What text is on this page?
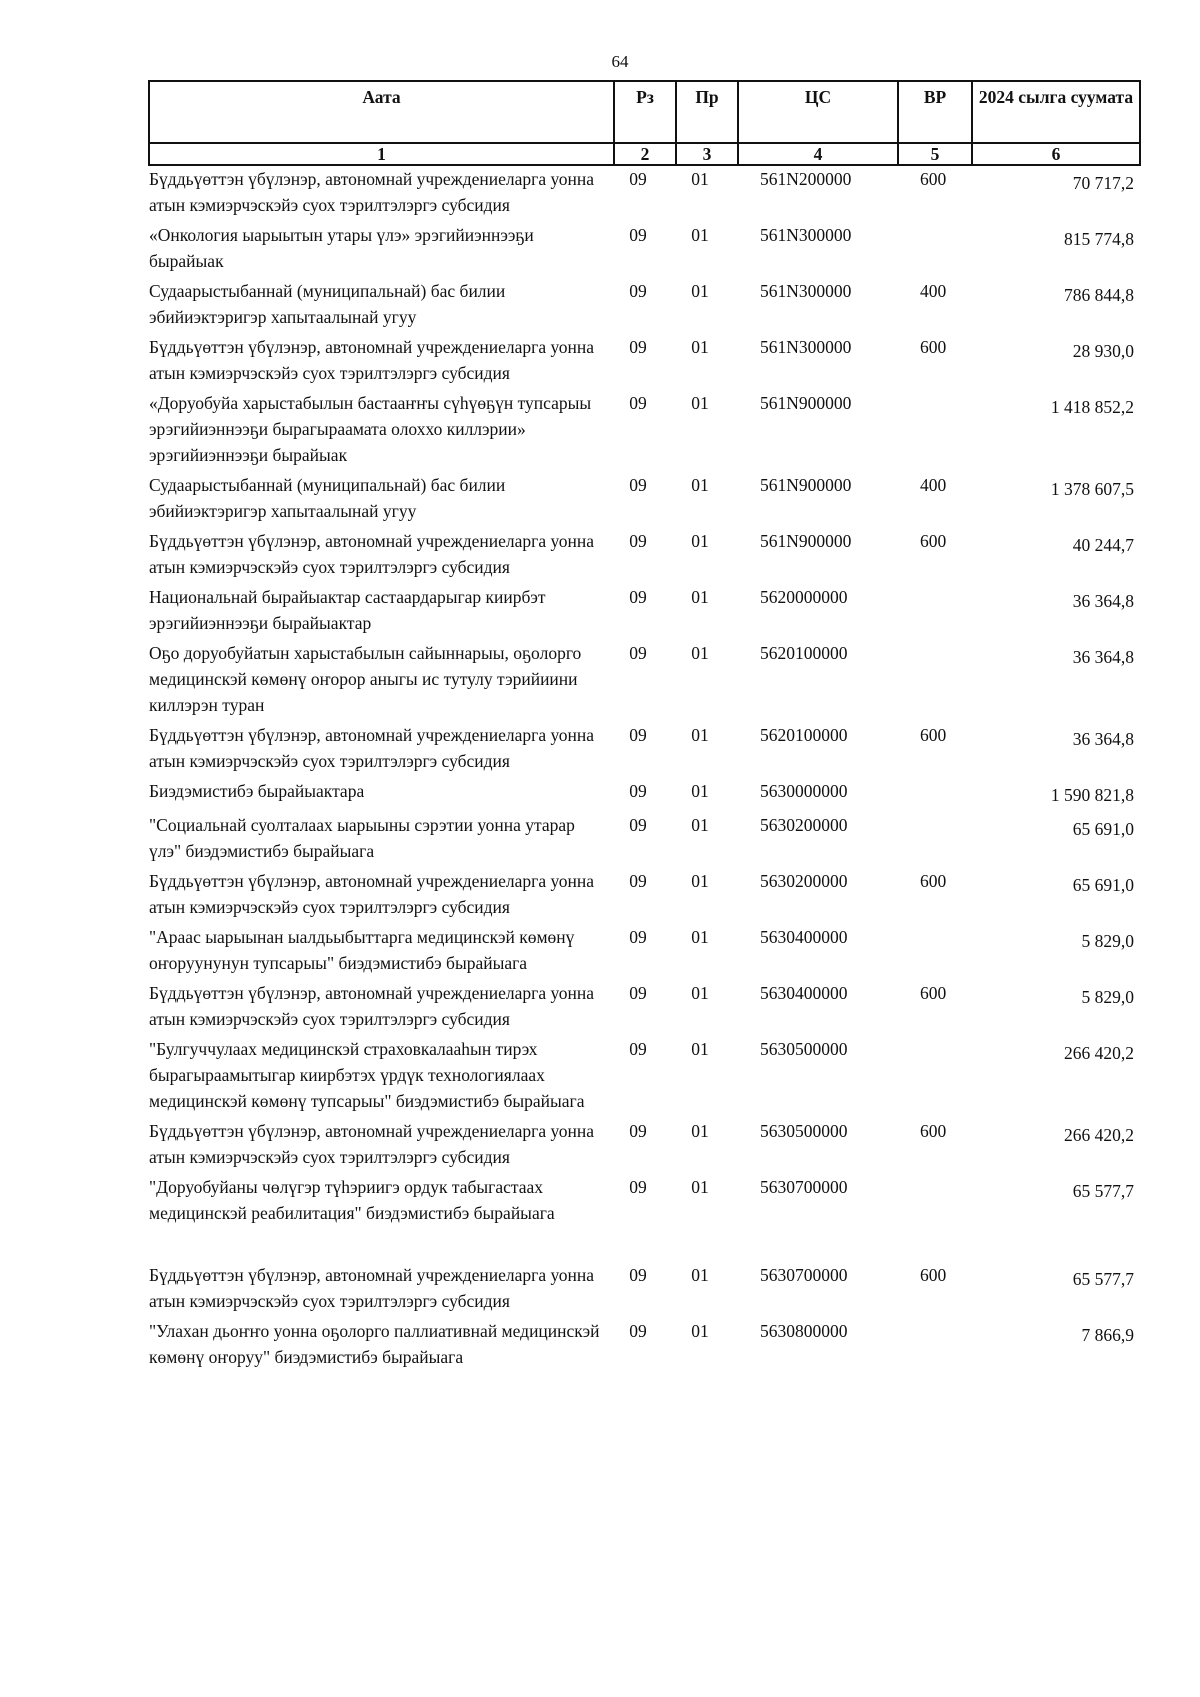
64
Аата	Рз	Пр	ЦС	ВР	2024 сылга суумата
1	2	3	4	5	6
Бүддьүөттэн үбүлэнэр, автономнай учреждениеларга уонна атын кэмиэрчэскэйэ суох тэрилтэлэргэ субсидия	09	01	561N200000	600	70 717,2
«Онкология ыарыытын утары үлэ» эрэгийиэннээҕи бырайыак	09	01	561N300000		815 774,8
Судаарыстыбаннай (муниципальнай) бас билии эбийиэктэригэр хапытаалынай угуу	09	01	561N300000	400	786 844,8
Бүддьүөттэн үбүлэнэр, автономнай учреждениеларга уонна атын кэмиэрчэскэйэ суох тэрилтэлэргэ субсидия	09	01	561N300000	600	28 930,0
«Доруобуйа харыстабылын бастааҥҥы сүһүөҕүн тупсарыы эрэгийиэннээҕи бырагыраамата олоххо киллэрии» эрэгийиэннээҕи бырайыак	09	01	561N900000		1 418 852,2
Судаарыстыбаннай (муниципальнай) бас билии эбийиэктэригэр хапытаалынай угуу	09	01	561N900000	400	1 378 607,5
Бүддьүөттэн үбүлэнэр, автономнай учреждениеларга уонна атын кэмиэрчэскэйэ суох тэрилтэлэргэ субсидия	09	01	561N900000	600	40 244,7
Национальнай бырайыактар састаардарыгар киирбэт эрэгийиэннээҕи бырайыактар	09	01	5620000000		36 364,8
Оҕо доруобуйатын харыстабылын сайыннарыы, оҕолорго медицинскэй көмөнү оҥорор аныгы ис тутулу тэрийиини киллэрэн туран	09	01	5620100000		36 364,8
Бүддьүөттэн үбүлэнэр, автономнай учреждениеларга уонна атын кэмиэрчэскэйэ суох тэрилтэлэргэ субсидия	09	01	5620100000	600	36 364,8
Биэдэмистибэ бырайыактара	09	01	5630000000		1 590 821,8
"Социальнай суолталаах ыарыыны сэрэтии уонна утарар үлэ" биэдэмистибэ бырайыага	09	01	5630200000		65 691,0
Бүддьүөттэн үбүлэнэр, автономнай учреждениеларга уонна атын кэмиэрчэскэйэ суох тэрилтэлэргэ субсидия	09	01	5630200000	600	65 691,0
"Араас ыарыынан ыалдьыбыттарга медицинскэй көмөнү оҥоруунунун тупсарыы" биэдэмистибэ бырайыага	09	01	5630400000		5 829,0
Бүддьүөттэн үбүлэнэр, автономнай учреждениеларга уонна атын кэмиэрчэскэйэ суох тэрилтэлэргэ субсидия	09	01	5630400000	600	5 829,0
"Булгуччулаах медицинскэй страховкалааһын тирэх бырагыраамытыгар киирбэтэх үрдүк технологиялаах медицинскэй көмөнү тупсарыы" биэдэмистибэ бырайыага	09	01	5630500000		266 420,2
Бүддьүөттэн үбүлэнэр, автономнай учреждениеларга уонна атын кэмиэрчэскэйэ суох тэрилтэлэргэ субсидия	09	01	5630500000	600	266 420,2
"Доруобуйаны чөлүгэр түһэриигэ ордук табыгастаах медицинскэй реабилитация" биэдэмистибэ бырайыага	09	01	5630700000		65 577,7
Бүддьүөттэн үбүлэнэр, автономнай учреждениеларга уонна атын кэмиэрчэскэйэ суох тэрилтэлэргэ субсидия	09	01	5630700000	600	65 577,7
"Улахан дьоҥҥо уонна оҕолорго паллиативнай медицинскэй көмөнү оҥоруу" биэдэмистибэ бырайыага	09	01	5630800000		7 866,9
